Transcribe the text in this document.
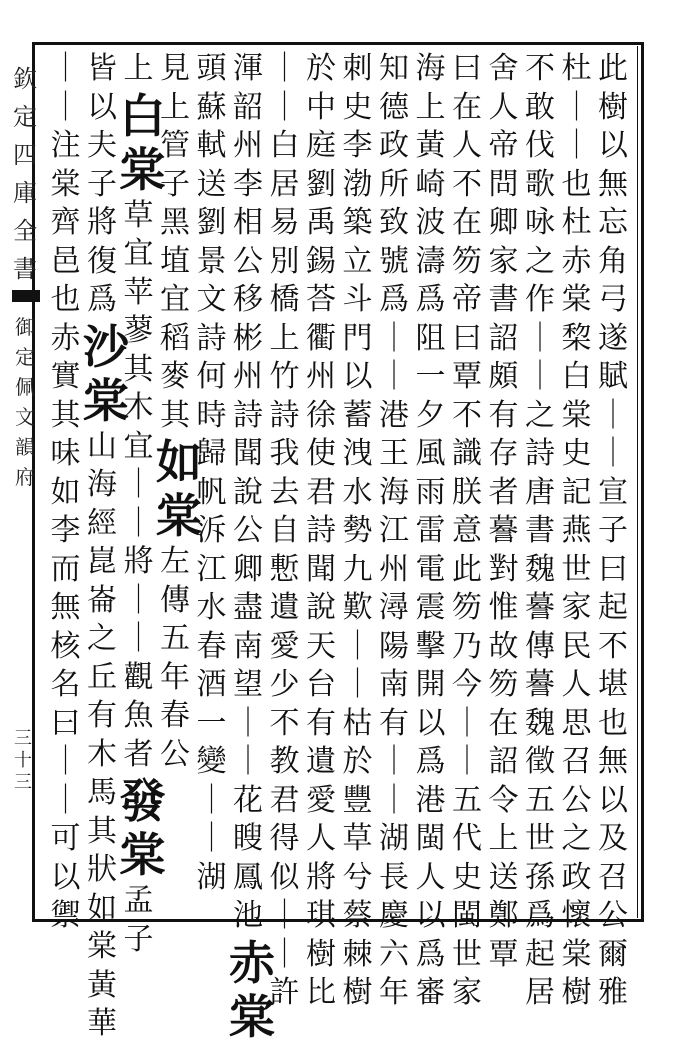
欽
定
四
庫
全
書
御
定
佩
文
韻
府
三十三
此
樹
以
無
忘
角
弓
遂
賦
｜
｜
宣
子
曰
起
不
堪
也
無
以
及
召
公
爾
雅
杜
｜
｜
也
杜
赤
棠
棃
白
棠
史
記
燕
世
家
民
人
思
召
公
之
政
懷
棠
樹
不
敢
伐
歌
咏
之
作
｜
｜
之
詩
唐
書
魏
謩
傳
謩
魏
徵
五
世
孫
爲
起
居
舍
人
帝
問
卿
家
書
詔
頗
有
存
者
謩
對
惟
故
笏
在
詔
令
上
送
鄭
覃
曰
在
人
不
在
笏
帝
曰
覃
不
識
朕
意
此
笏
乃
今
｜
｜
五
代
史
閩
世
家
海
上
黃
崎
波
濤
爲
阻
一
夕
風
雨
雷
電
震
擊
開
以
爲
港
閩
人
以
爲
審
知
德
政
所
致
號
爲
｜
｜
港
王
海
江
州
潯
陽
南
有
｜
｜
湖
長
慶
六
年
刺
史
李
渤
築
立
斗
門
以
蓄
洩
水
勢
九
歎
｜
｜
枯
於
豐
草
兮
蔡
棘
樹
於
中
庭
劉
禹
錫
荅
衢
州
徐
使
君
詩
聞
說
天
台
有
遺
愛
人
將
琪
樹
比
｜
｜
白
居
易
別
橋
上
竹
詩
我
去
自
慙
遺
愛
少
不
教
君
得
似
｜
｜
許
渾
韶
州
李
相
公
移
彬
州
詩
聞
說
公
卿
盡
南
望
｜
｜
花
瞍
鳳
池
赤
棠
頭
蘇
軾
送
劉
景
文
詩
何
時
歸
帆
泝
江
水
春
酒
一
變
｜
｜
湖
見
上
管
子
黑
埴
宜
稻
麥
其
如
棠
左
傳
五
年
春
公
上
白
棠
草
宜
苹
蓼
其
木
宜
｜
｜
將
｜
｜
觀
魚
者
發
棠
孟
子
皆
以
夫
子
將
復
爲
沙
棠
山
海
經
崑
崙
之
丘
有
木
馬
其
狀
如
棠
黃
華
｜
｜
注
棠
齊
邑
也
赤
實
其
味
如
李
而
無
核
名
曰
｜
｜
可
以
禦
